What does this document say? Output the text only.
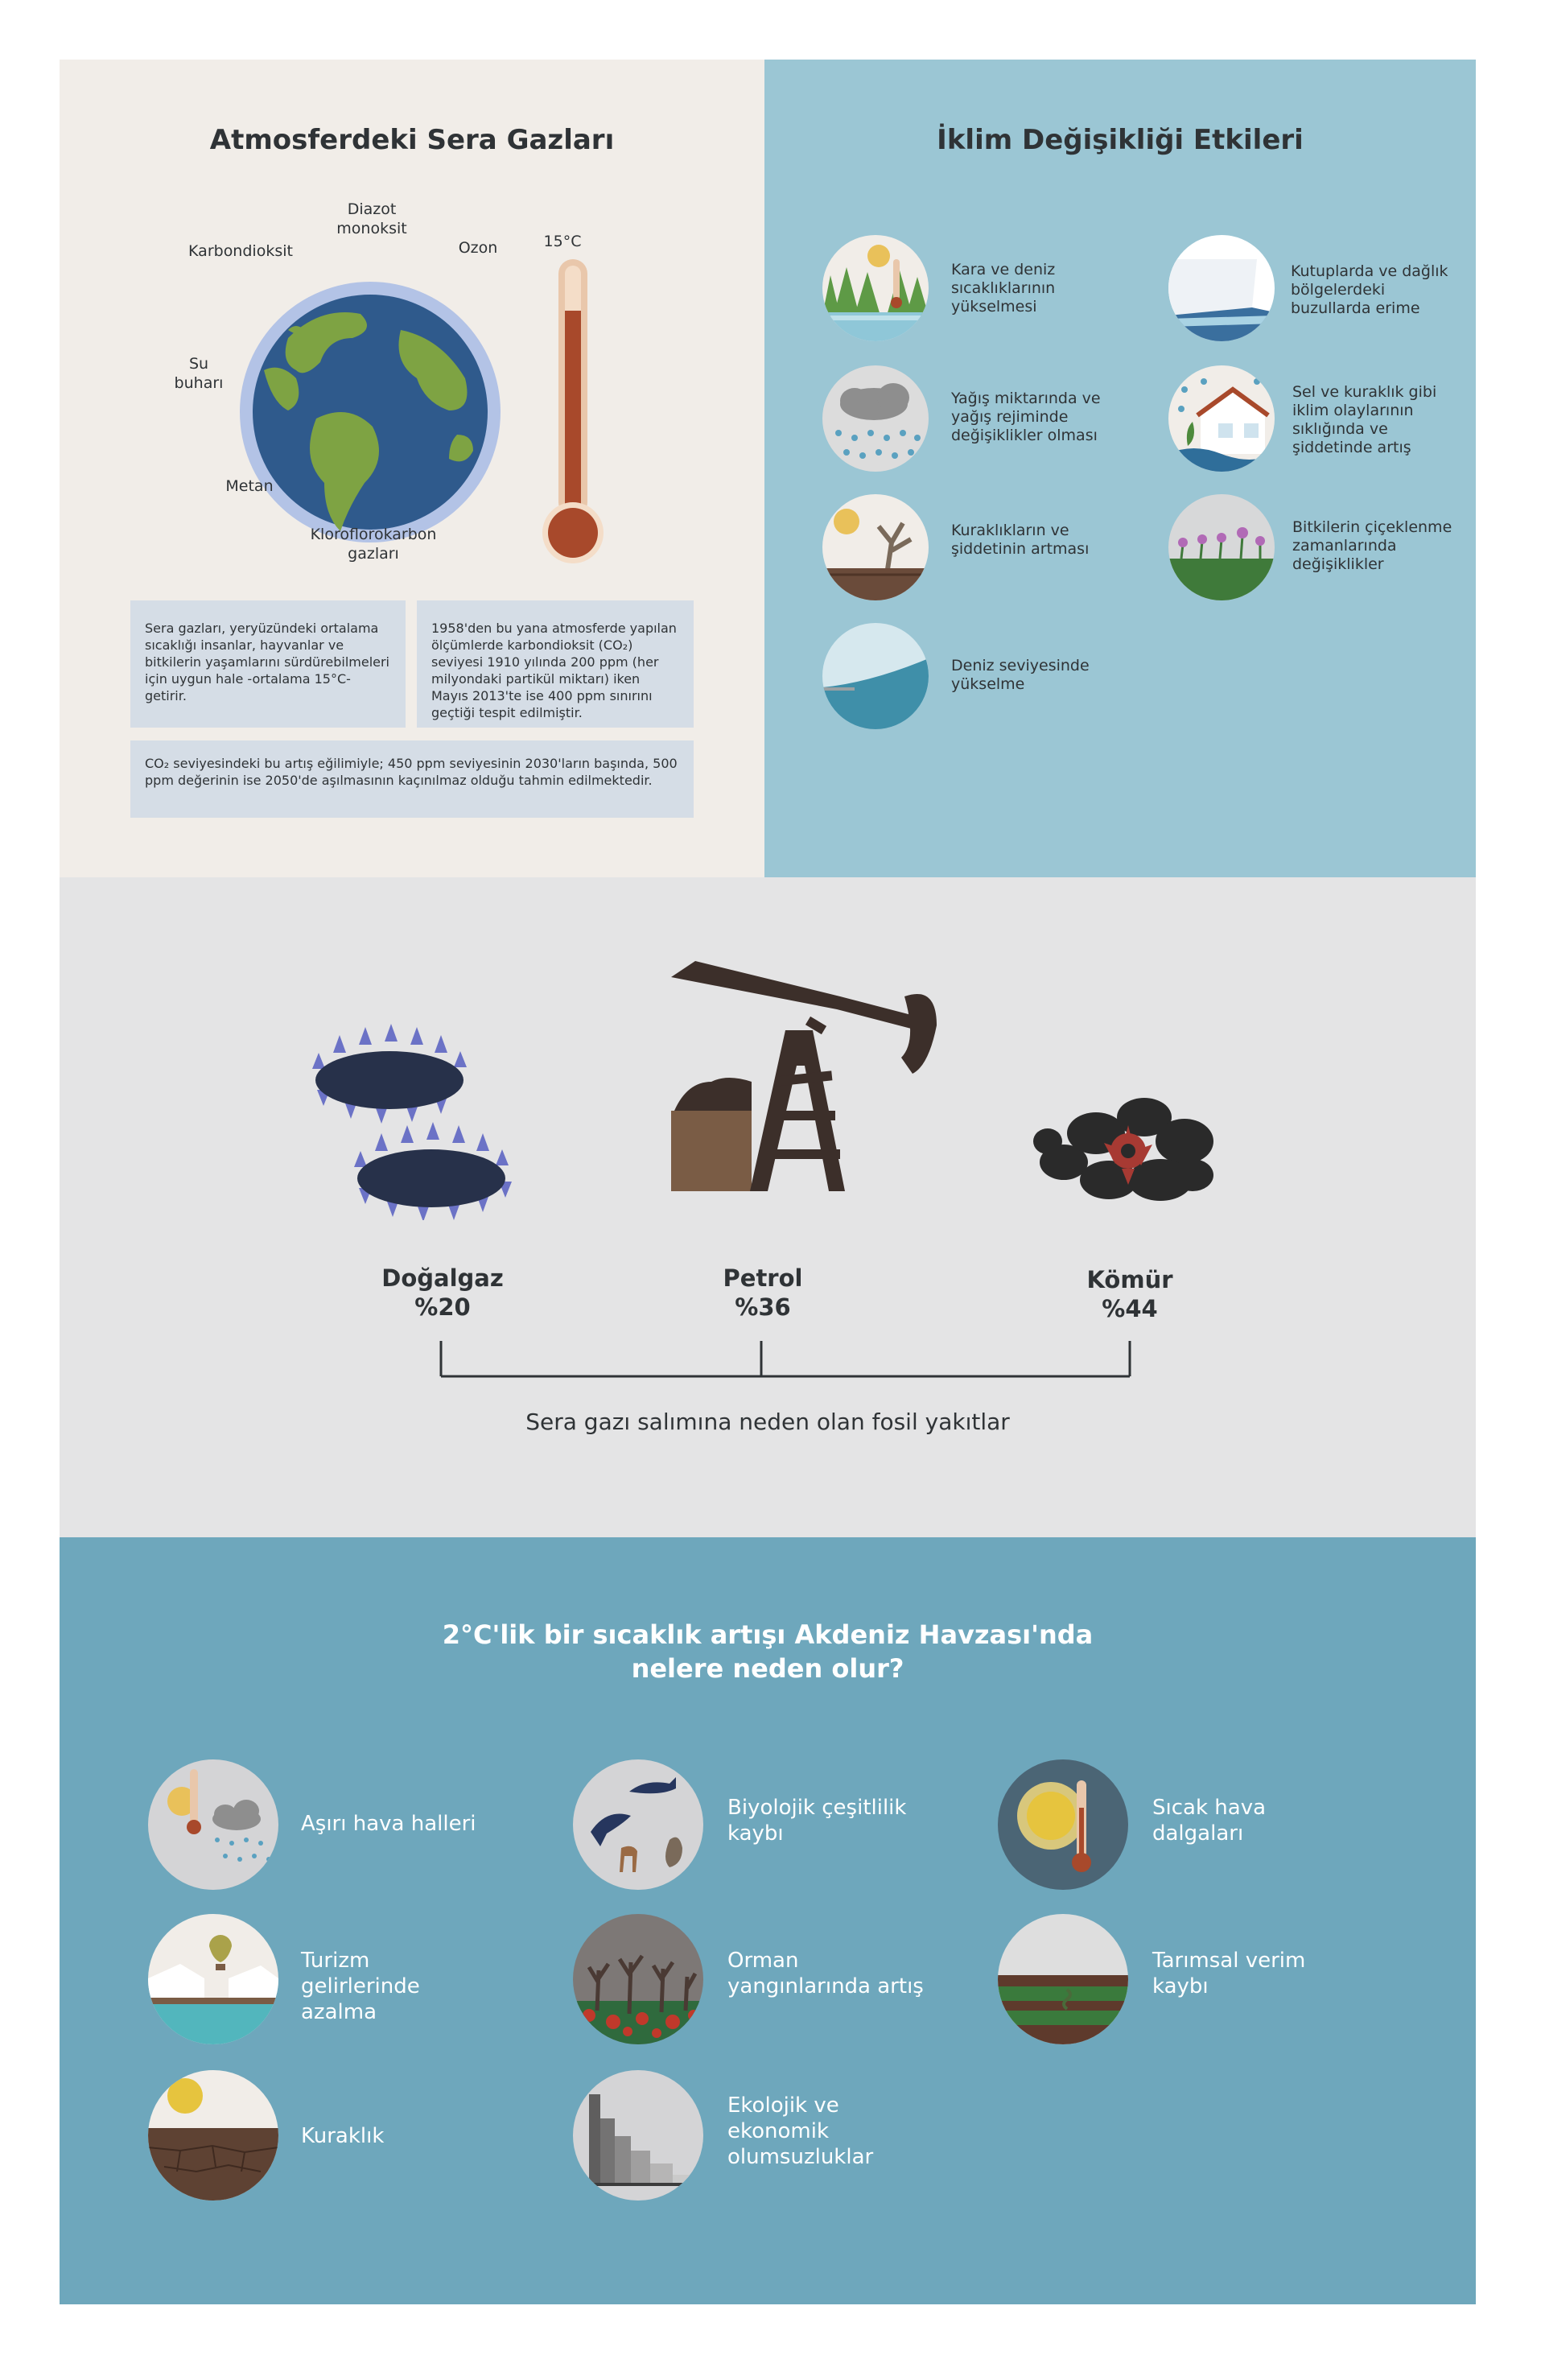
Atmosferdeki Sera Gazları
Diazot monoksit
Ozon
Karbondioksit
Su buharı
Metan
Kloroflorokarbon gazları
15°C
Sera gazları, yeryüzündeki ortalama sıcaklığı insanlar, hayvanlar ve bitkilerin yaşamlarını sürdürebilmeleri için uygun hale -ortalama 15°C- getirir.
1958'den bu yana atmosferde yapılan ölçümlerde karbondioksit (CO₂) seviyesi 1910 yılında 200 ppm (her milyondaki partikül miktarı) iken Mayıs 2013'te ise 400 ppm sınırını geçtiği tespit edilmiştir.
CO₂ seviyesindeki bu artış eğilimiyle; 450 ppm seviyesinin 2030'ların başında, 500 ppm değerinin ise 2050'de aşılmasının kaçınılmaz olduğu tahmin edilmektedir.
İklim Değişikliği Etkileri
Kara ve deniz sıcaklıklarının yükselmesi
Kutuplarda ve dağlık bölgelerdeki buzullarda erime
Yağış miktarında ve yağış rejiminde değişiklikler olması
Sel ve kuraklık gibi iklim olaylarının sıklığında ve şiddetinde artış
Kuraklıkların ve şiddetinin artması
Bitkilerin çiçeklenme zamanlarında değişiklikler
Deniz seviyesinde yükselme
Doğalgaz
%20
Petrol
%36
Kömür
%44
Sera gazı salımına neden olan fosil yakıtlar
2°C'lik bir sıcaklık artışı Akdeniz Havzası'nda
nelere neden olur?
Aşırı hava halleri
Biyolojik çeşitlilik kaybı
Sıcak hava dalgaları
Turizm gelirlerinde azalma
Orman yangınlarında artış
Tarımsal verim kaybı
Kuraklık
Ekolojik ve ekonomik olumsuzluklar
